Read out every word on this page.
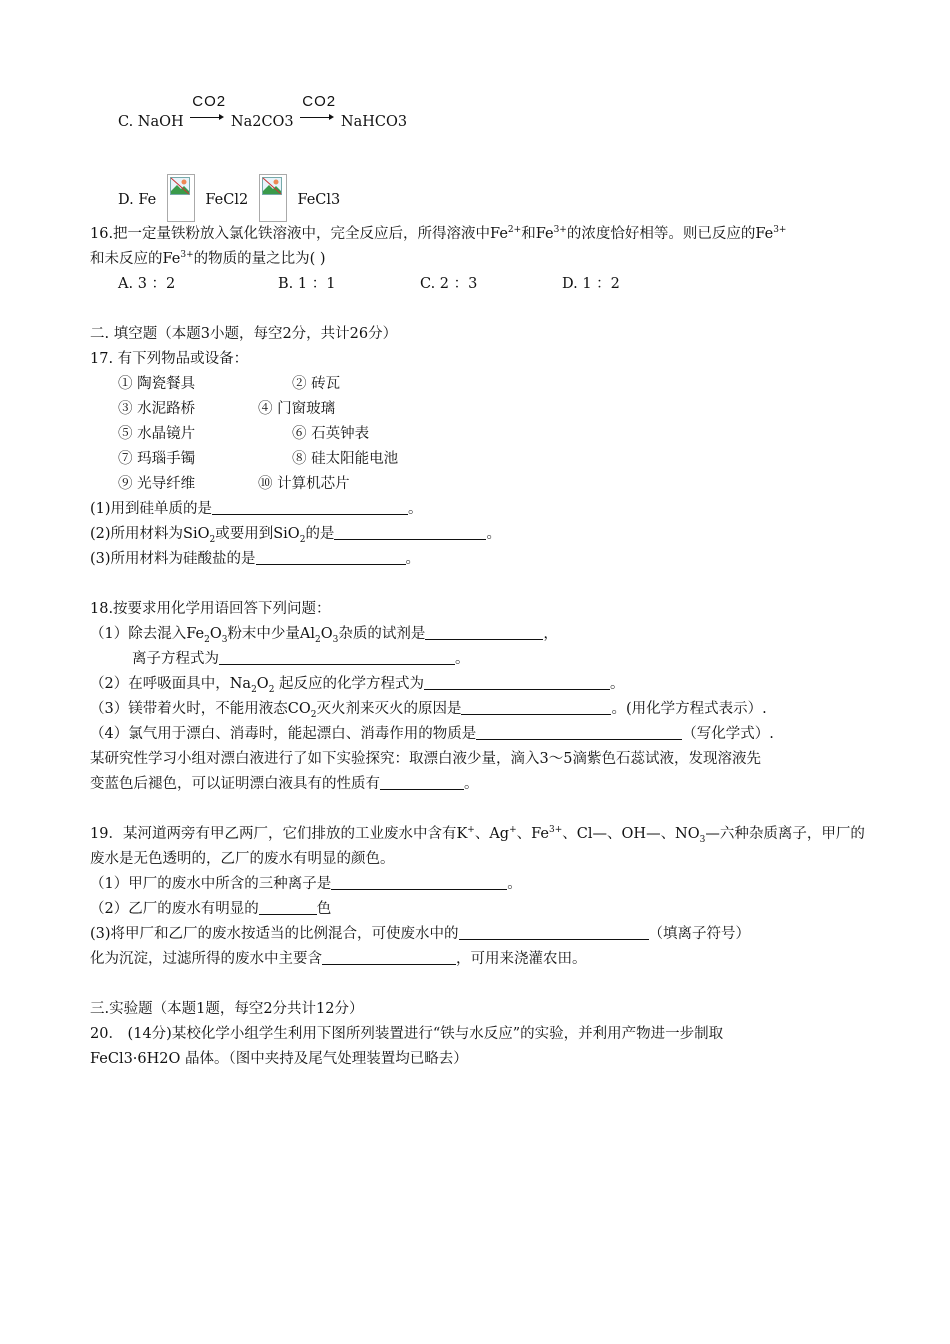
C. NaOH
CO2
Na2CO3
CO2
NaHCO3
D. Fe	FeCl2	FeCl3
16.把一定量铁粉放入氯化铁溶液中，完全反应后，所得溶液中$Fe^{2+}$和$Fe^{3+}$的浓度恰好相等。则已反应的$Fe^{3+}$
和未反应的$Fe^{3+}$的物质的量之比为( )
A. 3 ：2	B. 1 ：1	C. 2 ：3	D. 1 ：2
二. 填空题（本题3小题，每空2分，共计26分）
17. 有下列物品或设备：
① 陶瓷餐具	② 砖瓦
③ 水泥路桥	④ 门窗玻璃
⑤ 水晶镜片	⑥ 石英钟表
⑦ 玛瑙手镯	⑧ 硅太阳能电池
⑨ 光导纤维	⑩ 计算机芯片
(1)用到硅单质的是	。
(2)所用材料为SiO$_2$或要用到SiO$_2$的是	。
(3)所用材料为硅酸盐的是	。
18.按要求用化学用语回答下列问题：
（1）除去混入$Fe_2O_3$粉末中少量$Al_2O_3$杂质的试剂是	，
离子方程式为	。
（2）在呼吸面具中，$Na_2O_2$ 起反应的化学方程式为	。
（3）镁带着火时，不能用液态$CO_2$灭火剂来灭火的原因是	。(用化学方程式表示）.
（4）氯气用于漂白、消毒时，能起漂白、消毒作用的物质是	（写化学式）.
某研究性学习小组对漂白液进行了如下实验探究：取漂白液少量，滴入3～5滴紫色石蕊试液，发现溶液先
变蓝色后褪色，可以证明漂白液具有的性质有	。
19．某河道两旁有甲乙两厂，它们排放的工业废水中含有K+、Ag+、$Fe^{3+}$、Cl—、OH—、$NO_3—$六种杂质离子，甲厂的
废水是无色透明的，乙厂的废水有明显的颜色。
（1）甲厂的废水中所含的三种离子是	。
（2）乙厂的废水有明显的	色
(3)将甲厂和乙厂的废水按适当的比例混合，可使废水中的	（填离子符号）
化为沉淀，过滤所得的废水中主要含	，可用来浇灌农田。
三.实验题（本题1题，每空2分共计12分）
20． (14分)某校化学小组学生利用下图所列装置进行“铁与水反应”的实验，并利用产物进一步制取
FeCl3·6H2O 晶体。（图中夹持及尾气处理装置均已略去）
